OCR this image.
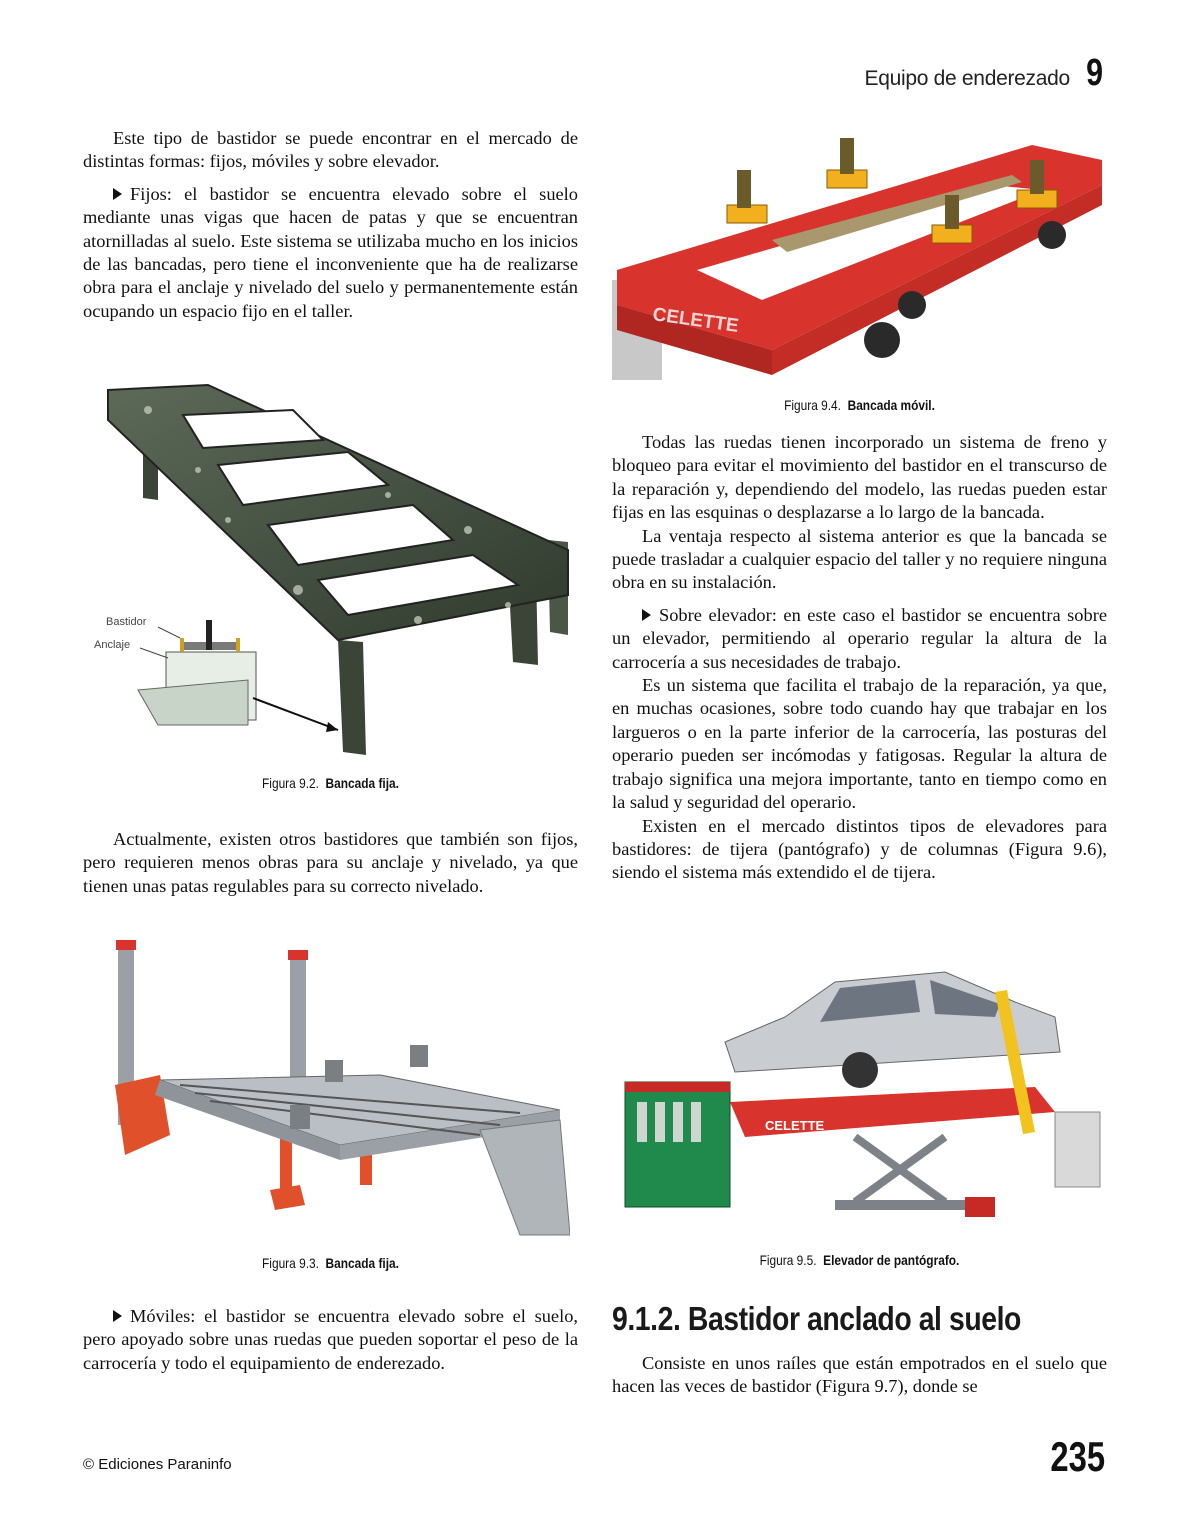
Equipo de enderezado 9

Este tipo de bastidor se puede encontrar en el mercado de distintas formas: fijos, móviles y sobre elevador.

Fijos: el bastidor se encuentra elevado sobre el suelo mediante unas vigas que hacen de patas y que se encuentran atornilladas al suelo. Este sistema se utilizaba mucho en los inicios de las bancadas, pero tiene el inconveniente que ha de realizarse obra para el anclaje y nivelado del suelo y permanentemente están ocupando un espacio fijo en el taller.

Bastidor
Anclaje
Figura 9.2. Bancada fija.

Actualmente, existen otros bastidores que también son fijos, pero requieren menos obras para su anclaje y nivelado, ya que tienen unas patas regulables para su correcto nivelado.

Figura 9.3. Bancada fija.

Móviles: el bastidor se encuentra elevado sobre el suelo, pero apoyado sobre unas ruedas que pueden soportar el peso de la carrocería y todo el equipamiento de enderezado.

CELETTE
Figura 9.4. Bancada móvil.

Todas las ruedas tienen incorporado un sistema de freno y bloqueo para evitar el movimiento del bastidor en el transcurso de la reparación y, dependiendo del modelo, las ruedas pueden estar fijas en las esquinas o desplazarse a lo largo de la bancada.

La ventaja respecto al sistema anterior es que la bancada se puede trasladar a cualquier espacio del taller y no requiere ninguna obra en su instalación.

Sobre elevador: en este caso el bastidor se encuentra sobre un elevador, permitiendo al operario regular la altura de la carrocería a sus necesidades de trabajo.

Es un sistema que facilita el trabajo de la reparación, ya que, en muchas ocasiones, sobre todo cuando hay que trabajar en los largueros o en la parte inferior de la carrocería, las posturas del operario pueden ser incómodas y fatigosas. Regular la altura de trabajo significa una mejora importante, tanto en tiempo como en la salud y seguridad del operario.

Existen en el mercado distintos tipos de elevadores para bastidores: de tijera (pantógrafo) y de columnas (Figura 9.6), siendo el sistema más extendido el de tijera.

CELETTE
Figura 9.5. Elevador de pantógrafo.
9.1.2. Bastidor anclado al suelo

Consiste en unos raíles que están empotrados en el suelo que hacen las veces de bastidor (Figura 9.7), donde se

© Ediciones Paraninfo	235
